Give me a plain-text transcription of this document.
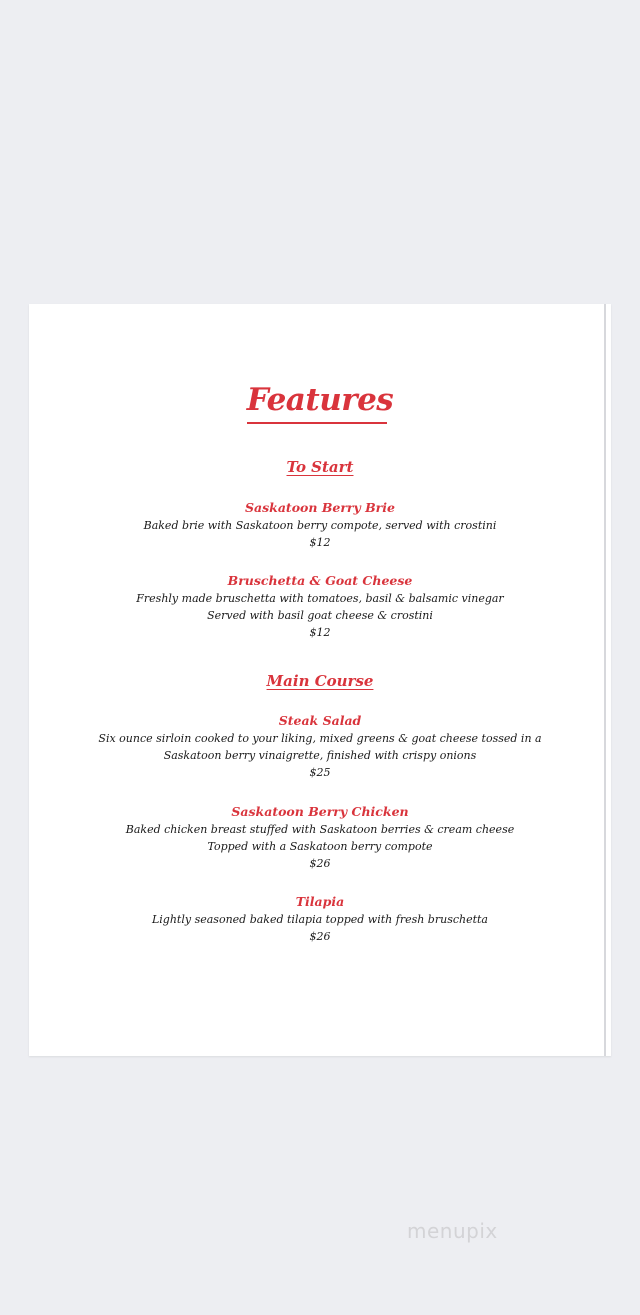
Features
To Start
Saskatoon Berry Brie
Baked brie with Saskatoon berry compote, served with crostini
$12
Bruschetta & Goat Cheese
Freshly made bruschetta with tomatoes, basil & balsamic vinegar
Served with basil goat cheese & crostini
$12
Main Course
Steak Salad
Six ounce sirloin cooked to your liking, mixed greens & goat cheese tossed in a
Saskatoon berry vinaigrette, finished with crispy onions
$25
Saskatoon Berry Chicken
Baked chicken breast stuffed with Saskatoon berries & cream cheese
Topped with a Saskatoon berry compote
$26
Tilapia
Lightly seasoned baked tilapia topped with fresh bruschetta
$26
menupix
